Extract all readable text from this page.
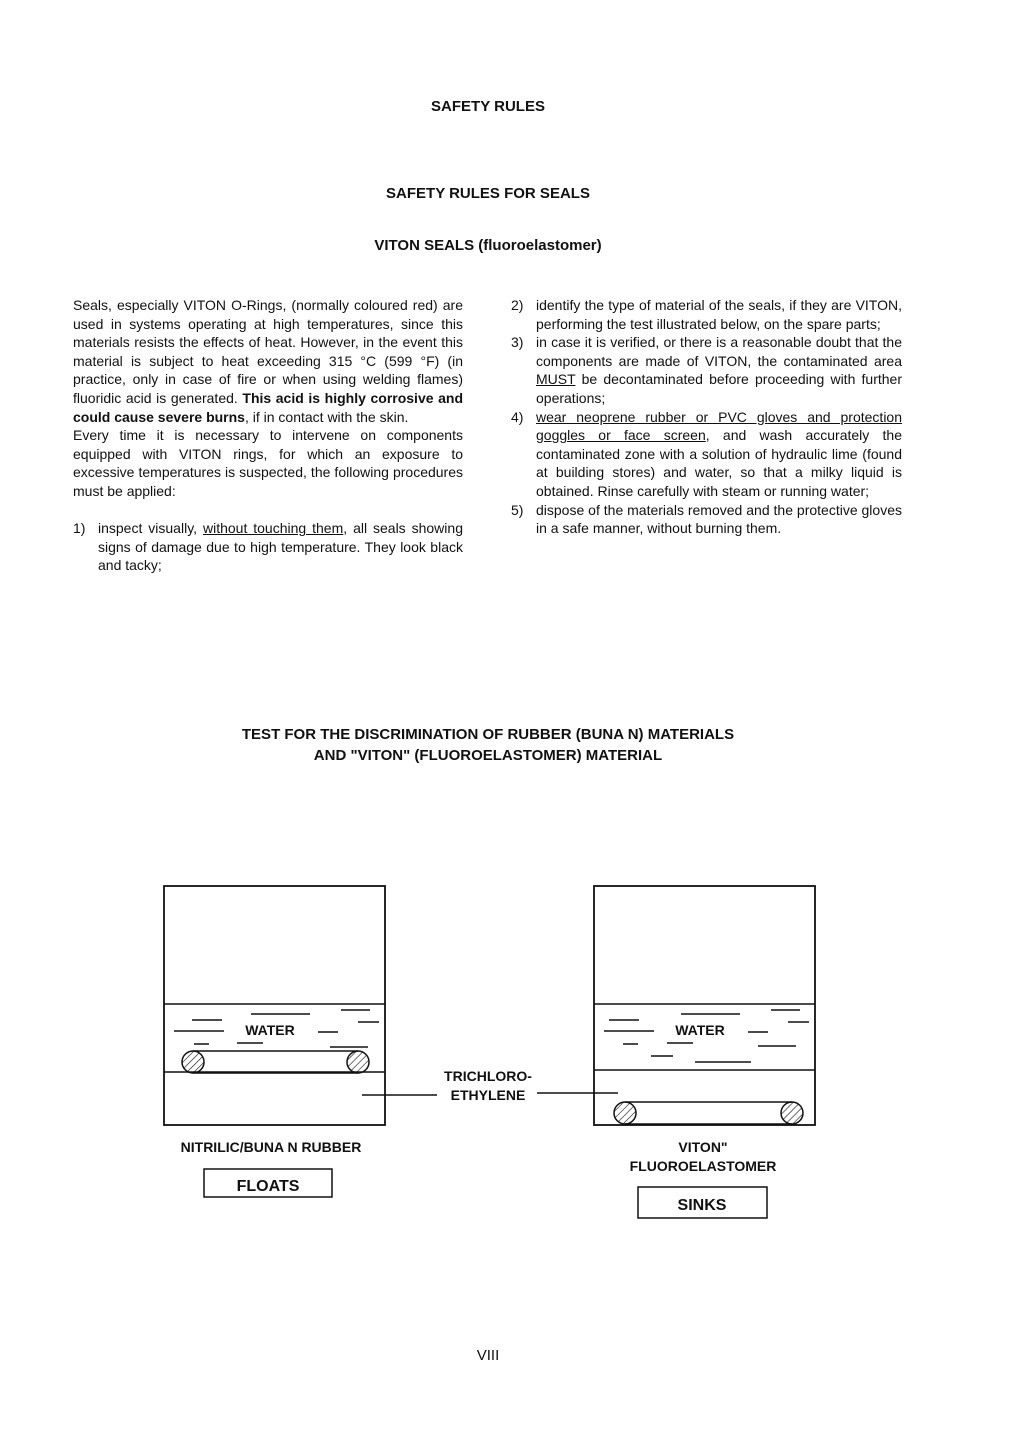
SAFETY RULES
SAFETY RULES FOR SEALS
VITON SEALS (fluoroelastomer)

Seals, especially VITON O-Rings, (normally coloured red) are used in systems operating at high temperatures, since this materials resists the effects of heat. However, in the event this material is subject to heat exceeding 315 °C (599 °F) (in practice, only in case of fire or when using welding flames) fluoridic acid is generated. This acid is highly corrosive and could cause severe burns, if in contact with the skin.

Every time it is necessary to intervene on components equipped with VITON rings, for which an exposure to excessive temperatures is suspected, the following procedures must be applied:

1) inspect visually, without touching them, all seals showing signs of damage due to high temperature. They look black and tacky;

2) identify the type of material of the seals, if they are VITON, performing the test illustrated below, on the spare parts;

3) in case it is verified, or there is a reasonable doubt that the components are made of VITON, the contaminated area MUST be decontaminated before proceeding with further operations;

4) wear neoprene rubber or PVC gloves and protection goggles or face screen, and wash accurately the contaminated zone with a solution of hydraulic lime (found at building stores) and water, so that a milky liquid is obtained. Rinse carefully with steam or running water;

5) dispose of the materials removed and the protective gloves in a safe manner, without burning them.

TEST FOR THE DISCRIMINATION OF RUBBER (BUNA N) MATERIALS
AND "VITON" (FLUOROELASTOMER) MATERIAL
WATER	WATER
TRICHLORO-
ETHYLENE
NITRILIC/BUNA N RUBBER
FLOATS
VITON"
FLUOROELASTOMER
SINKS
VIII
